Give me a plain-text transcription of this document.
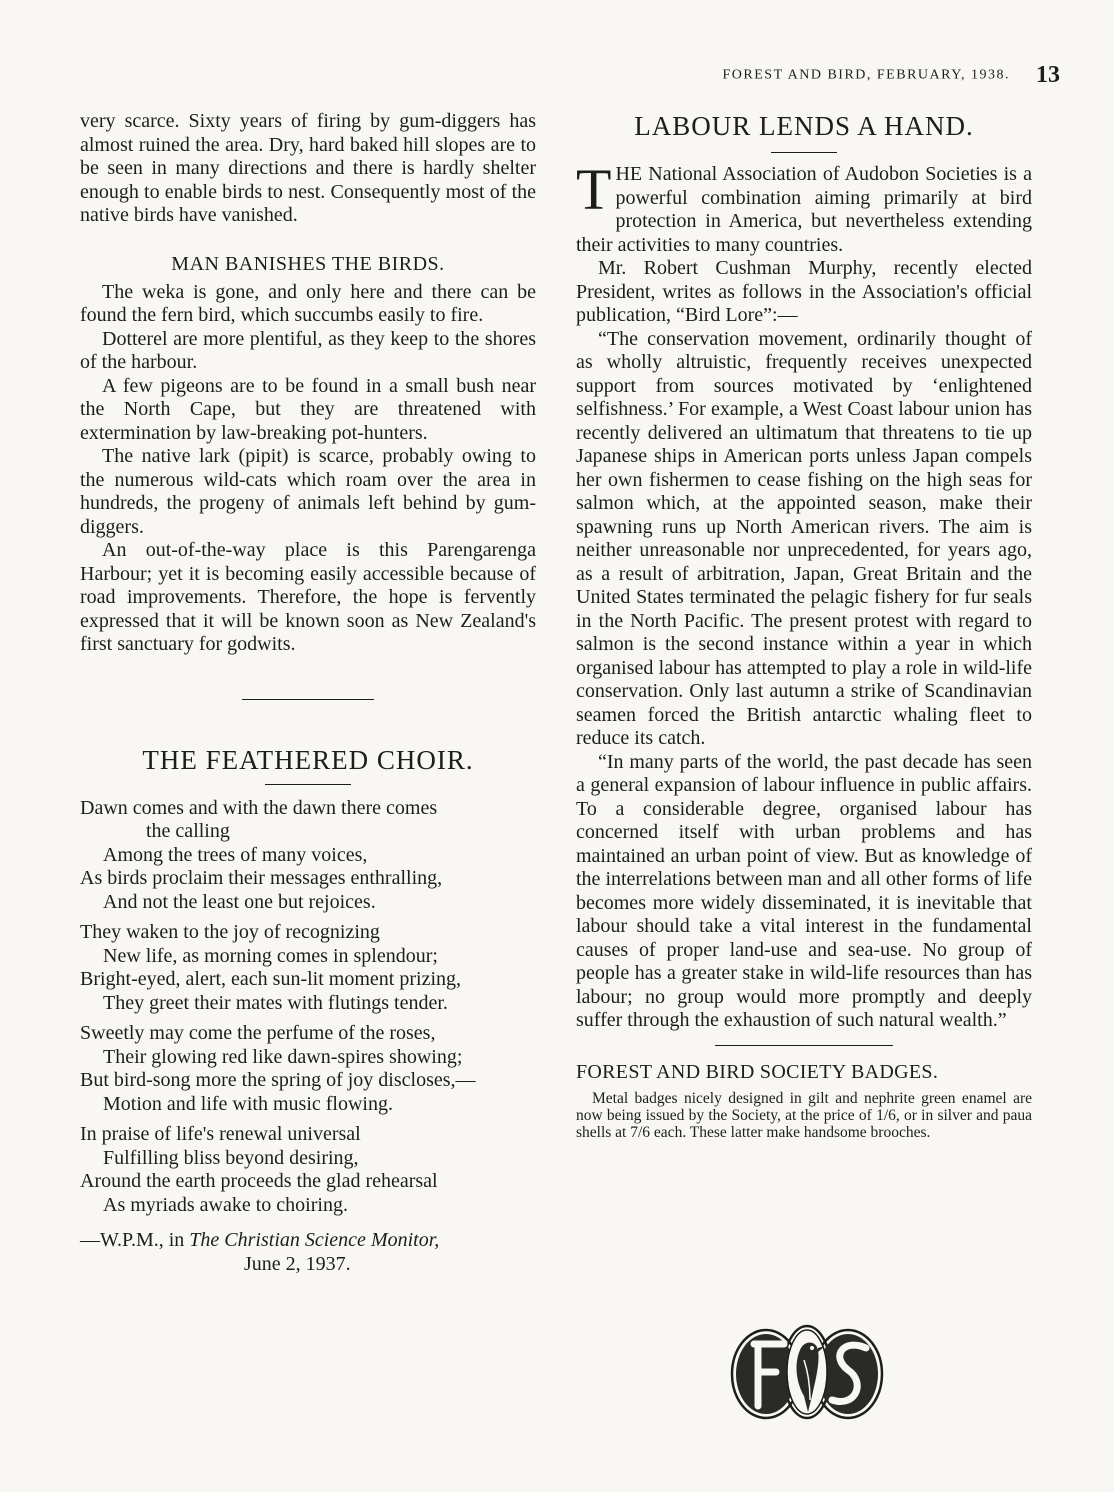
FOREST AND BIRD, FEBRUARY, 1938. 13

very scarce. Sixty years of firing by gum-diggers has almost ruined the area. Dry, hard baked hill slopes are to be seen in many directions and there is hardly shelter enough to enable birds to nest. Consequently most of the native birds have vanished.

MAN BANISHES THE BIRDS.

The weka is gone, and only here and there can be found the fern bird, which succumbs easily to fire.

Dotterel are more plentiful, as they keep to the shores of the harbour.

A few pigeons are to be found in a small bush near the North Cape, but they are threatened with extermination by law-breaking pot-hunters.

The native lark (pipit) is scarce, probably owing to the numerous wild-cats which roam over the area in hundreds, the progeny of animals left behind by gum-diggers.

An out-of-the-way place is this Parengarenga Harbour; yet it is becoming easily accessible because of road improvements. Therefore, the hope is fervently expressed that it will be known soon as New Zealand's first sanctuary for godwits.

THE FEATHERED CHOIR.
Dawn comes and with the dawn there comes
the calling
Among the trees of many voices,
As birds proclaim their messages enthralling,
And not the least one but rejoices.
They waken to the joy of recognizing
New life, as morning comes in splendour;
Bright-eyed, alert, each sun-lit moment prizing,
They greet their mates with flutings tender.
Sweetly may come the perfume of the roses,
Their glowing red like dawn-spires showing;
But bird-song more the spring of joy discloses,—
Motion and life with music flowing.
In praise of life's renewal universal
Fulfilling bliss beyond desiring,
Around the earth proceeds the glad rehearsal
As myriads awake to choiring.
—W.P.M., in The Christian Science Monitor,
June 2, 1937.
LABOUR LENDS A HAND.

THE National Association of Audobon Societies is a powerful combination aiming primarily at bird protection in America, but nevertheless extending their activities to many countries.

Mr. Robert Cushman Murphy, recently elected President, writes as follows in the Association's official publication, “Bird Lore”:—

“The conservation movement, ordinarily thought of as wholly altruistic, frequently receives unexpected support from sources motivated by ‘enlightened selfishness.’ For example, a West Coast labour union has recently delivered an ultimatum that threatens to tie up Japanese ships in American ports unless Japan compels her own fishermen to cease fishing on the high seas for salmon which, at the appointed season, make their spawning runs up North American rivers. The aim is neither unreasonable nor unprecedented, for years ago, as a result of arbitration, Japan, Great Britain and the United States terminated the pelagic fishery for fur seals in the North Pacific. The present protest with regard to salmon is the second instance within a year in which organised labour has attempted to play a role in wild-life conservation. Only last autumn a strike of Scandinavian seamen forced the British antarctic whaling fleet to reduce its catch.

“In many parts of the world, the past decade has seen a general expansion of labour influence in public affairs. To a considerable degree, organised labour has concerned itself with urban problems and has maintained an urban point of view. But as knowledge of the interrelations between man and all other forms of life becomes more widely disseminated, it is inevitable that labour should take a vital interest in the fundamental causes of proper land-use and sea-use. No group of people has a greater stake in wild-life resources than has labour; no group would more promptly and deeply suffer through the exhaustion of such natural wealth.”

FOREST AND BIRD SOCIETY BADGES.

Metal badges nicely designed in gilt and nephrite green enamel are now being issued by the Society, at the price of 1/6, or in silver and paua shells at 7/6 each. These latter make handsome brooches.
